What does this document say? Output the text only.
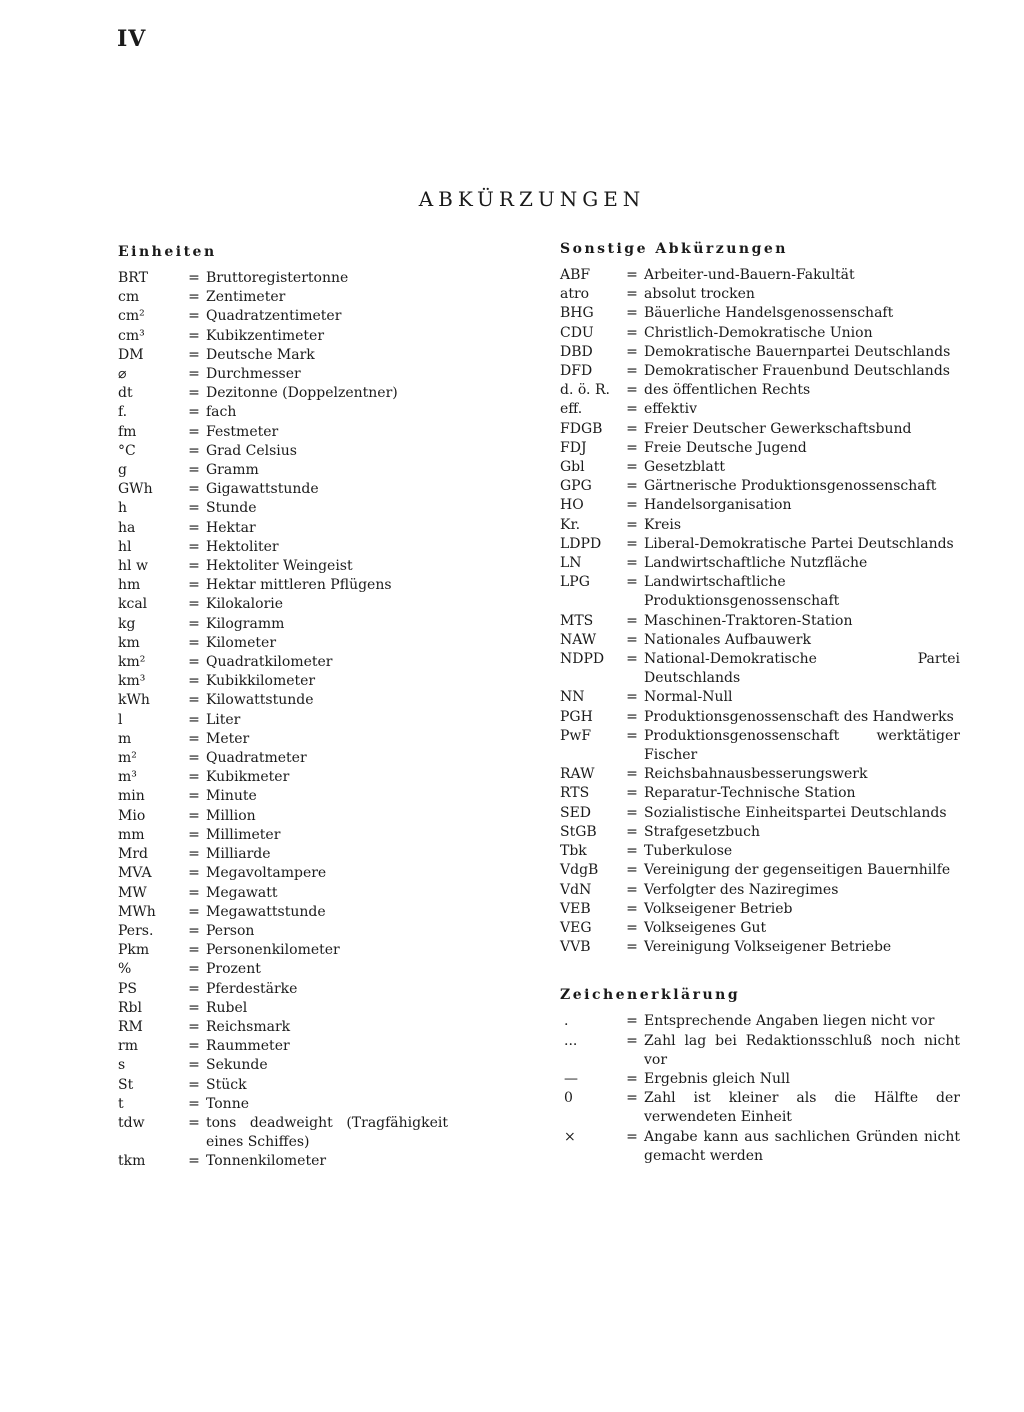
IV
ABKÜRZUNGEN
Einheiten
BRT	= Bruttoregistertonne
cm	= Zentimeter
cm²	= Quadratzentimeter
cm³	= Kubikzentimeter
DM	= Deutsche Mark
⌀	= Durchmesser
dt	= Dezitonne (Doppelzentner)
f.	= fach
fm	= Festmeter
°C	= Grad Celsius
g	= Gramm
GWh	= Gigawattstunde
h	= Stunde
ha	= Hektar
hl	= Hektoliter
hl w	= Hektoliter Weingeist
hm	= Hektar mittleren Pflügens
kcal	= Kilokalorie
kg	= Kilogramm
km	= Kilometer
km²	= Quadratkilometer
km³	= Kubikkilometer
kWh	= Kilowattstunde
l	= Liter
m	= Meter
m²	= Quadratmeter
m³	= Kubikmeter
min	= Minute
Mio	= Million
mm	= Millimeter
Mrd	= Milliarde
MVA	= Megavoltampere
MW	= Megawatt
MWh	= Megawattstunde
Pers.	= Person
Pkm	= Personenkilometer
%	= Prozent
PS	= Pferdestärke
Rbl	= Rubel
RM	= Reichsmark
rm	= Raummeter
s	= Sekunde
St	= Stück
t	= Tonne
tdw	= tons deadweight (Tragfähigkeit eines Schiffes)
tkm	= Tonnenkilometer
Sonstige Abkürzungen
ABF	= Arbeiter-und-Bauern-Fakultät
atro	= absolut trocken
BHG	= Bäuerliche Handelsgenossenschaft
CDU	= Christlich-Demokratische Union
DBD	= Demokratische Bauernpartei Deutschlands
DFD	= Demokratischer Frauenbund Deutschlands
d. ö. R.	= des öffentlichen Rechts
eff.	= effektiv
FDGB	= Freier Deutscher Gewerkschaftsbund
FDJ	= Freie Deutsche Jugend
Gbl	= Gesetzblatt
GPG	= Gärtnerische Produktionsgenossenschaft
HO	= Handelsorganisation
Kr.	= Kreis
LDPD	= Liberal-Demokratische Partei Deutschlands
LN	= Landwirtschaftliche Nutzfläche
LPG	= Landwirtschaftliche Produktionsgenossenschaft
MTS	= Maschinen-Traktoren-Station
NAW	= Nationales Aufbauwerk
NDPD	= National-Demokratische Partei Deutschlands
NN	= Normal-Null
PGH	= Produktionsgenossenschaft des Handwerks
PwF	= Produktionsgenossenschaft werktätiger Fischer
RAW	= Reichsbahnausbesserungswerk
RTS	= Reparatur-Technische Station
SED	= Sozialistische Einheitspartei Deutschlands
StGB	= Strafgesetzbuch
Tbk	= Tuberkulose
VdgB	= Vereinigung der gegenseitigen Bauernhilfe
VdN	= Verfolgter des Naziregimes
VEB	= Volkseigener Betrieb
VEG	= Volkseigenes Gut
VVB	= Vereinigung Volkseigener Betriebe
Zeichenerklärung
.	= Entsprechende Angaben liegen nicht vor
...	= Zahl lag bei Redaktionsschluß noch nicht vor
—	= Ergebnis gleich Null
0	= Zahl ist kleiner als die Hälfte der verwendeten Einheit
×	= Angabe kann aus sachlichen Gründen nicht gemacht werden
